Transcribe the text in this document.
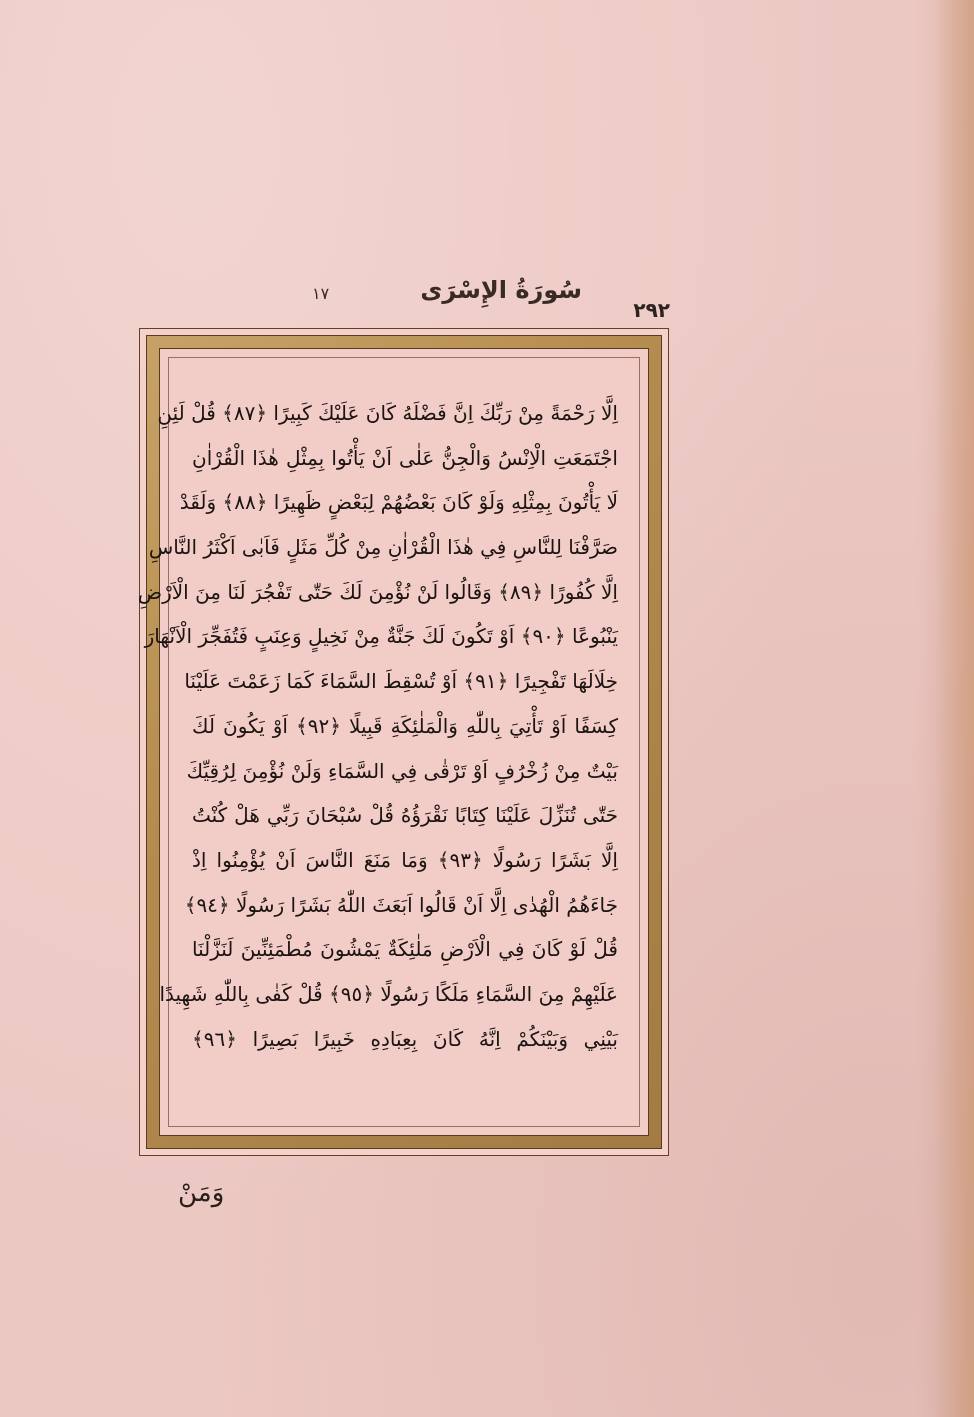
سُورَةُ الإِسْرَى
١٧
٢٩٢
اِلَّا رَحْمَةً مِنْ رَبِّكَ اِنَّ فَضْلَهُ كَانَ عَلَيْكَ كَبِيرًا ﴿٨٧﴾ قُلْ لَئِنِ
اجْتَمَعَتِ الْاِنْسُ وَالْجِنُّ عَلٰى اَنْ يَأْتُوا بِمِثْلِ هٰذَا الْقُرْاٰنِ
لَا يَأْتُونَ بِمِثْلِهِ وَلَوْ كَانَ بَعْضُهُمْ لِبَعْضٍ ظَهِيرًا ﴿٨٨﴾ وَلَقَدْ
صَرَّفْنَا لِلنَّاسِ فِي هٰذَا الْقُرْاٰنِ مِنْ كُلِّ مَثَلٍ فَاَبٰى اَكْثَرُ النَّاسِ
اِلَّا كُفُورًا ﴿٨٩﴾ وَقَالُوا لَنْ نُؤْمِنَ لَكَ حَتّٰى تَفْجُرَ لَنَا مِنَ الْاَرْضِ
يَنْبُوعًا ﴿٩٠﴾ اَوْ تَكُونَ لَكَ جَنَّةٌ مِنْ نَخِيلٍ وَعِنَبٍ فَتُفَجِّرَ الْاَنْهَارَ
خِلَالَهَا تَفْجِيرًا ﴿٩١﴾ اَوْ تُسْقِطَ السَّمَاءَ كَمَا زَعَمْتَ عَلَيْنَا
كِسَفًا اَوْ تَأْتِيَ بِاللّٰهِ وَالْمَلٰئِكَةِ قَبِيلًا ﴿٩٢﴾ اَوْ يَكُونَ لَكَ
بَيْتٌ مِنْ زُخْرُفٍ اَوْ تَرْقٰى فِي السَّمَاءِ وَلَنْ نُؤْمِنَ لِرُقِيِّكَ
حَتّٰى تُنَزِّلَ عَلَيْنَا كِتَابًا نَقْرَؤُهُ قُلْ سُبْحَانَ رَبِّي هَلْ كُنْتُ
اِلَّا بَشَرًا رَسُولًا ﴿٩٣﴾ وَمَا مَنَعَ النَّاسَ اَنْ يُؤْمِنُوا اِذْ
جَاءَهُمُ الْهُدٰى اِلَّا اَنْ قَالُوا اَبَعَثَ اللّٰهُ بَشَرًا رَسُولًا ﴿٩٤﴾
قُلْ لَوْ كَانَ فِي الْاَرْضِ مَلٰئِكَةٌ يَمْشُونَ مُطْمَئِنِّينَ لَنَزَّلْنَا
عَلَيْهِمْ مِنَ السَّمَاءِ مَلَكًا رَسُولًا ﴿٩٥﴾ قُلْ كَفٰى بِاللّٰهِ شَهِيدًا
بَيْنِي وَبَيْنَكُمْ اِنَّهُ كَانَ بِعِبَادِهِ خَبِيرًا بَصِيرًا ﴿٩٦﴾
وَمَنْ
